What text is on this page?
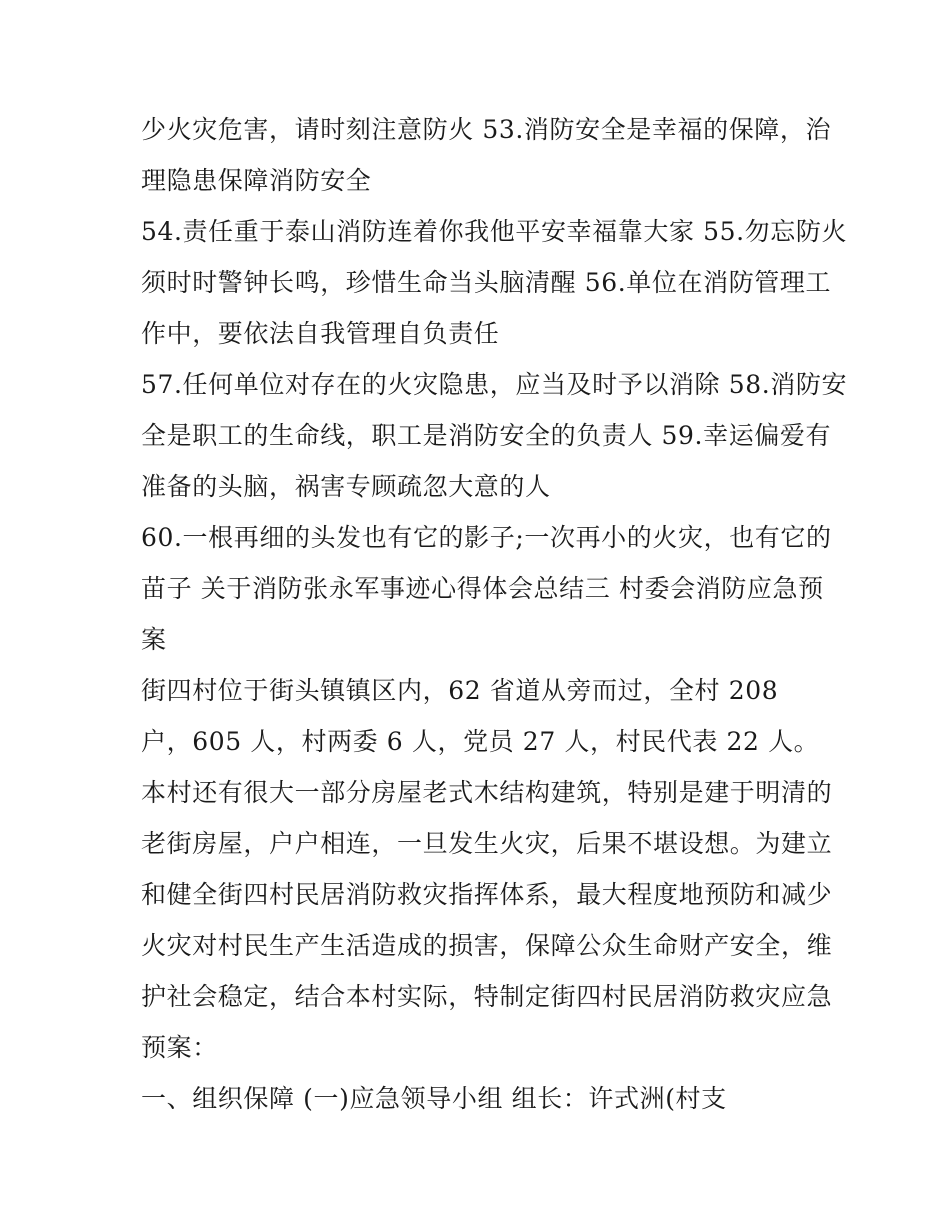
少火灾危害，请时刻注意防火 53.消防安全是幸福的保障，治
理隐患保障消防安全
54.责任重于泰山消防连着你我他平安幸福靠大家 55.勿忘防火
须时时警钟长鸣，珍惜生命当头脑清醒 56.单位在消防管理工
作中，要依法自我管理自负责任
57.任何单位对存在的火灾隐患，应当及时予以消除 58.消防安
全是职工的生命线，职工是消防安全的负责人 59.幸运偏爱有
准备的头脑，祸害专顾疏忽大意的人
60.一根再细的头发也有它的影子;一次再小的火灾，也有它的
苗子 关于消防张永军事迹心得体会总结三 村委会消防应急预
案
街四村位于街头镇镇区内，62 省道从旁而过，全村 208
户，605 人，村两委 6 人，党员 27 人，村民代表 22 人。
本村还有很大一部分房屋老式木结构建筑，特别是建于明清的
老街房屋，户户相连，一旦发生火灾，后果不堪设想。为建立
和健全街四村民居消防救灾指挥体系，最大程度地预防和减少
火灾对村民生产生活造成的损害，保障公众生命财产安全，维
护社会稳定，结合本村实际，特制定街四村民居消防救灾应急
预案：
一、组织保障 (一)应急领导小组 组长：许式洲(村支
